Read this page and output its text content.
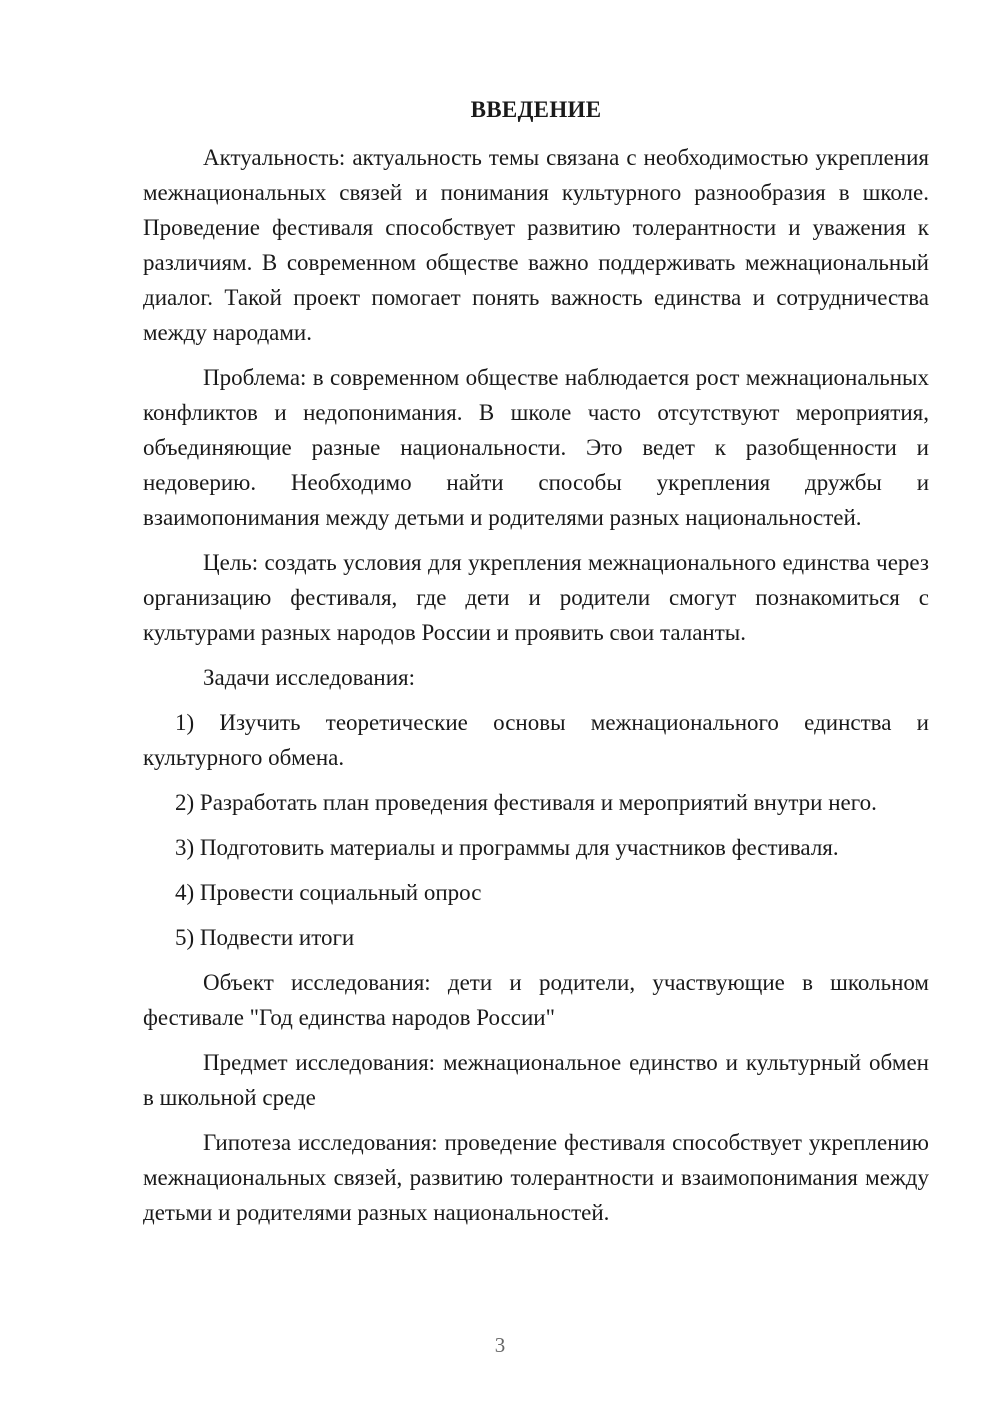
ВВЕДЕНИЕ

Актуальность: актуальность темы связана с необходимостью укрепления межнациональных связей и понимания культурного разнообразия в школе. Проведение фестиваля способствует развитию толерантности и уважения к различиям. В современном обществе важно поддерживать межнациональный диалог. Такой проект помогает понять важность единства и сотрудничества между народами.

Проблема: в современном обществе наблюдается рост межнациональных конфликтов и недопонимания. В школе часто отсутствуют мероприятия, объединяющие разные национальности. Это ведет к разобщенности и недоверию. Необходимо найти способы укрепления дружбы и взаимопонимания между детьми и родителями разных национальностей.

Цель: создать условия для укрепления межнационального единства через организацию фестиваля, где дети и родители смогут познакомиться с культурами разных народов России и проявить свои таланты.

Задачи исследования:

1) Изучить теоретические основы межнационального единства и культурного обмена.

2) Разработать план проведения фестиваля и мероприятий внутри него.

3) Подготовить материалы и программы для участников фестиваля.

4) Провести социальный опрос

5) Подвести итоги

Объект исследования: дети и родители, участвующие в школьном фестивале "Год единства народов России"

Предмет исследования: межнациональное единство и культурный обмен в школьной среде

Гипотеза исследования: проведение фестиваля способствует укреплению межнациональных связей, развитию толерантности и взаимопонимания между детьми и родителями разных национальностей.

3
